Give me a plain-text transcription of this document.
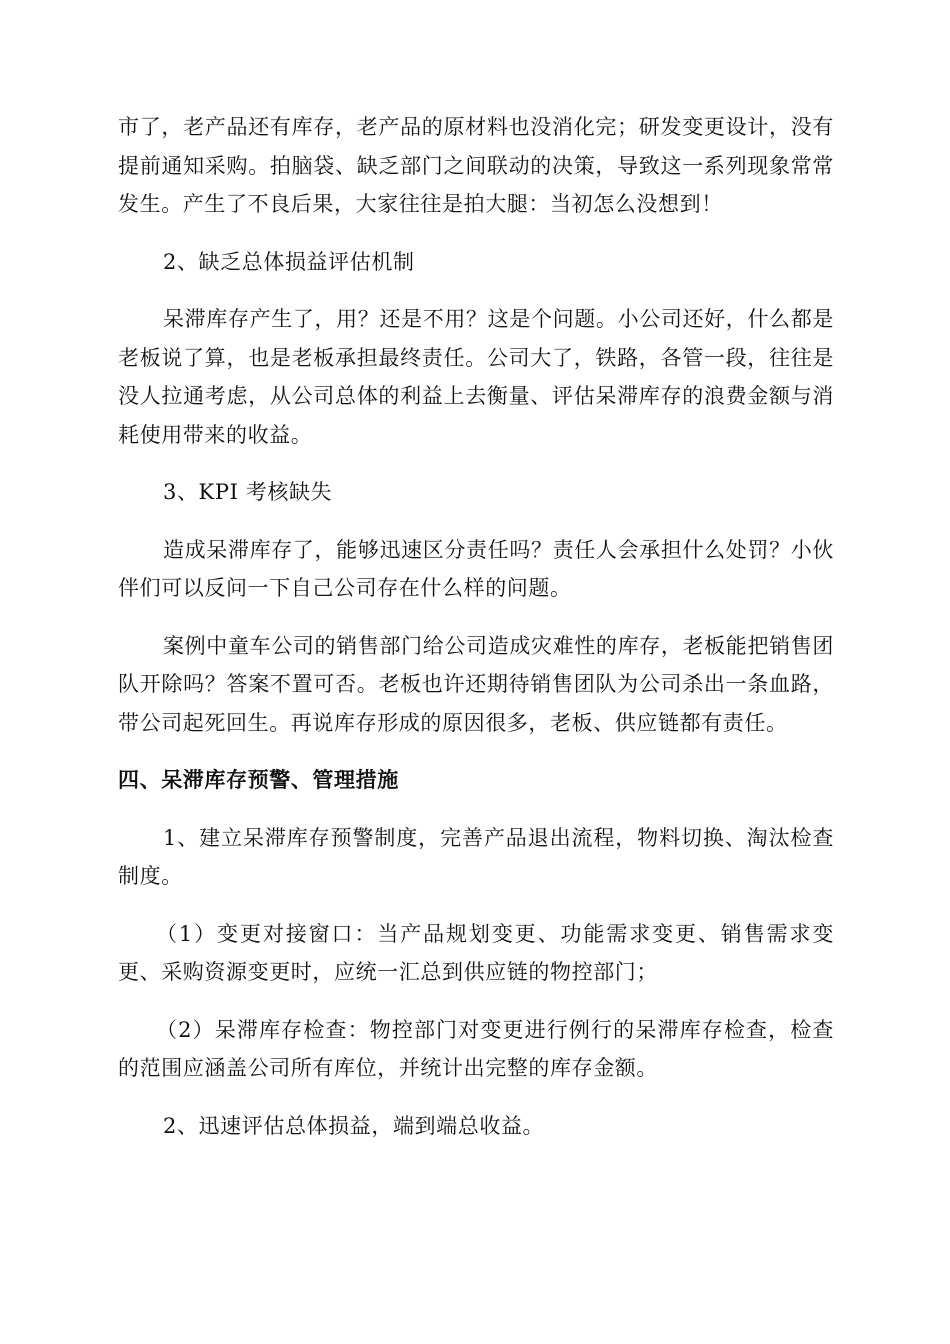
市了，老产品还有库存，老产品的原材料也没消化完；研发变更设计，没有提前通知采购。拍脑袋、缺乏部门之间联动的决策，导致这一系列现象常常发生。产生了不良后果，大家往往是拍大腿：当初怎么没想到！

2、缺乏总体损益评估机制

呆滞库存产生了，用？还是不用？这是个问题。小公司还好，什么都是老板说了算，也是老板承担最终责任。公司大了，铁路，各管一段，往往是没人拉通考虑，从公司总体的利益上去衡量、评估呆滞库存的浪费金额与消耗使用带来的收益。

3、KPI 考核缺失

造成呆滞库存了，能够迅速区分责任吗？责任人会承担什么处罚？小伙伴们可以反问一下自己公司存在什么样的问题。

案例中童车公司的销售部门给公司造成灾难性的库存，老板能把销售团队开除吗？答案不置可否。老板也许还期待销售团队为公司杀出一条血路，带公司起死回生。再说库存形成的原因很多，老板、供应链都有责任。

四、呆滞库存预警、管理措施

1、建立呆滞库存预警制度，完善产品退出流程，物料切换、淘汰检查制度。

（1）变更对接窗口：当产品规划变更、功能需求变更、销售需求变更、采购资源变更时，应统一汇总到供应链的物控部门；

（2）呆滞库存检查：物控部门对变更进行例行的呆滞库存检查，检查的范围应涵盖公司所有库位，并统计出完整的库存金额。

2、迅速评估总体损益，端到端总收益。
